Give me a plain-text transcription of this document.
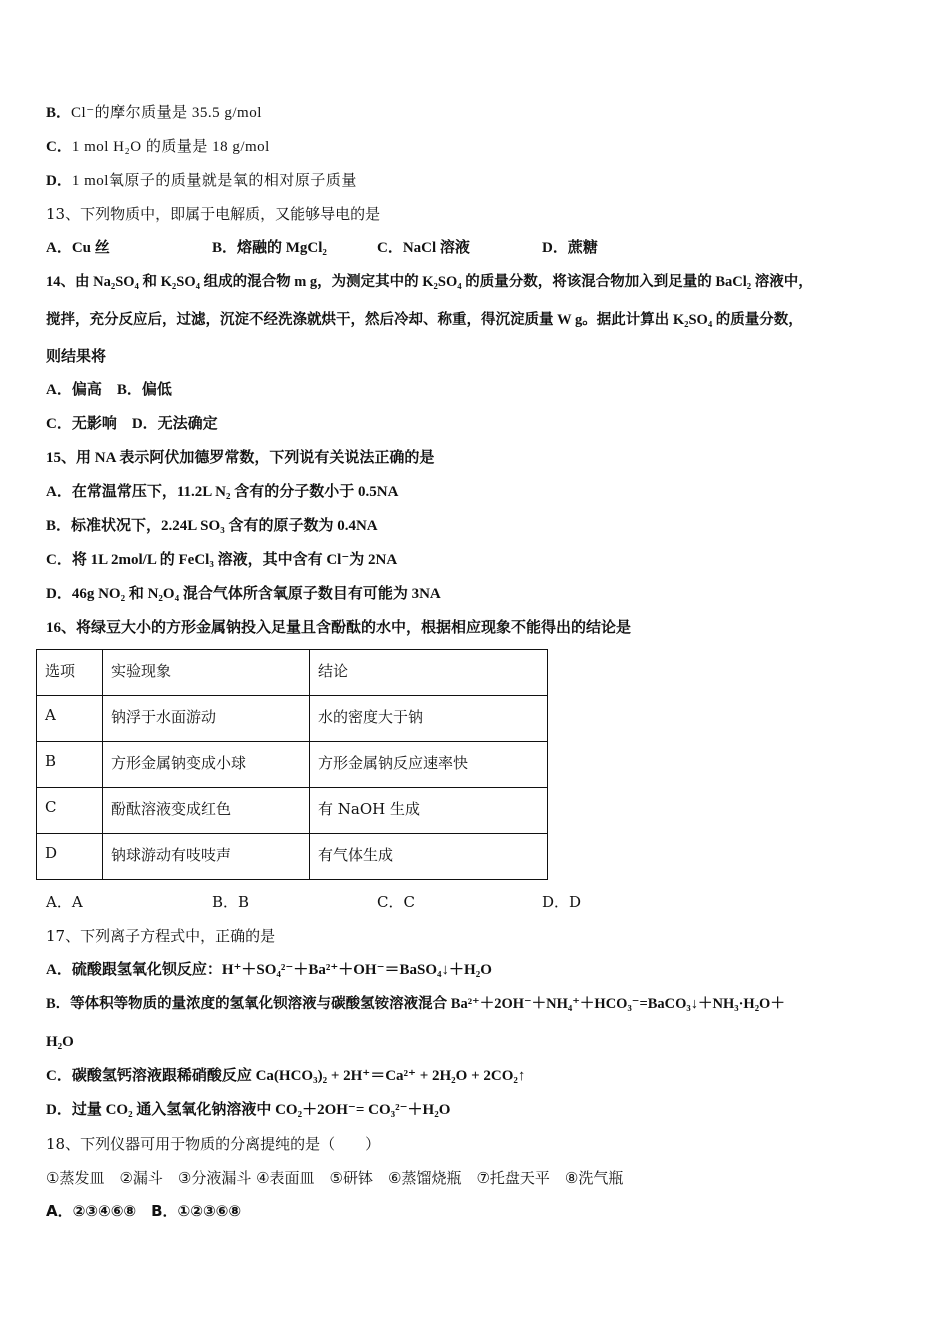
B．Cl⁻的摩尔质量是 35.5 g/mol
C．1 mol H₂O 的质量是 18 g/mol
D．1 mol氧原子的质量就是氧的相对原子质量
13、下列物质中，即属于电解质，又能够导电的是
A．Cu 丝	B．熔融的 MgCl₂	C．NaCl 溶液	D．蔗糖
14、由 Na₂SO₄ 和 K₂SO₄ 组成的混合物 m g，为测定其中的 K₂SO₄ 的质量分数，将该混合物加入到足量的 BaCl₂ 溶液中，
搅拌，充分反应后，过滤，沉淀不经洗涤就烘干，然后冷却、称重，得沉淀质量 W g。据此计算出 K₂SO₄ 的质量分数，
则结果将
A．偏高　B．偏低
C．无影响　D．无法确定
15、用 NA 表示阿伏加德罗常数，下列说有关说法正确的是
A．在常温常压下，11.2L N₂ 含有的分子数小于 0.5NA
B．标准状况下，2.24L SO₃ 含有的原子数为 0.4NA
C．将 1L 2mol/L 的 FeCl₃ 溶液，其中含有 Cl⁻为 2NA
D．46g NO₂ 和 N₂O₄ 混合气体所含氧原子数目有可能为 3NA
16、将绿豆大小的方形金属钠投入足量且含酚酞的水中，根据相应现象不能得出的结论是
选项	实验现象	结论
A	钠浮于水面游动	水的密度大于钠
B	方形金属钠变成小球	方形金属钠反应速率快
C	酚酞溶液变成红色	有 NaOH 生成
D	钠球游动有吱吱声	有气体生成
A．A	B．B	C．C	D．D
17、下列离子方程式中，正确的是
A．硫酸跟氢氧化钡反应：H⁺＋SO₄²⁻＋Ba²⁺＋OH⁻＝BaSO₄↓＋H₂O
B．等体积等物质的量浓度的氢氧化钡溶液与碳酸氢铵溶液混合 Ba²⁺＋2OH⁻＋NH₄⁺＋HCO₃⁻=BaCO₃↓＋NH₃·H₂O＋
H₂O
C．碳酸氢钙溶液跟稀硝酸反应 Ca(HCO₃)₂ + 2H⁺＝Ca²⁺ + 2H₂O + 2CO₂↑
D．过量 CO₂ 通入氢氧化钠溶液中 CO₂＋2OH⁻= CO₃²⁻＋H₂O
18、下列仪器可用于物质的分离提纯的是（　　）
①蒸发皿　②漏斗　③分液漏斗 ④表面皿　⑤研钵　⑥蒸馏烧瓶　⑦托盘天平　⑧洗气瓶
A．②③④⑥⑧　B．①②③⑥⑧
